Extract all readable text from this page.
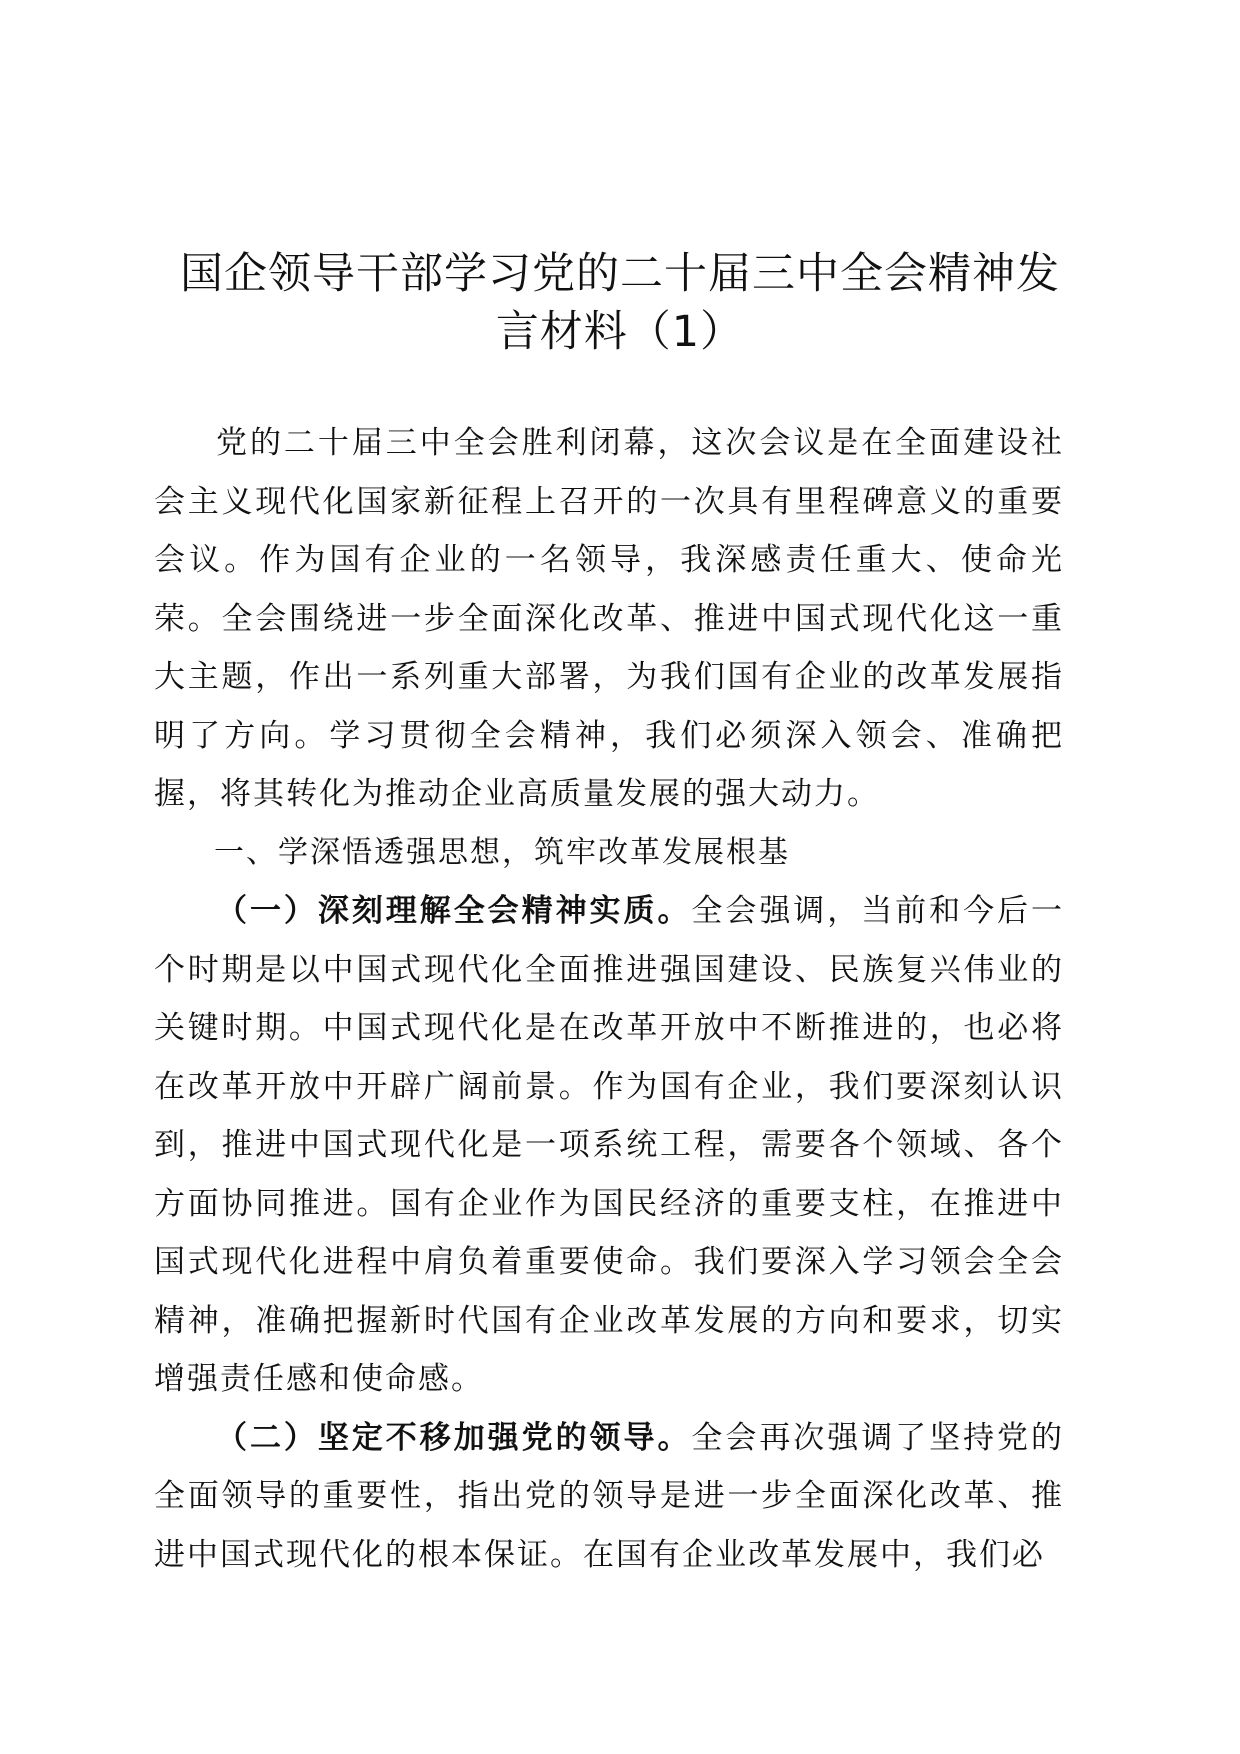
国企领导干部学习党的二十届三中全会精神发
言材料（1）

党的二十届三中全会胜利闭幕，这次会议是在全面建设社会主义现代化国家新征程上召开的一次具有里程碑意义的重要会议。作为国有企业的一名领导，我深感责任重大、使命光荣。全会围绕进一步全面深化改革、推进中国式现代化这一重大主题，作出一系列重大部署，为我们国有企业的改革发展指明了方向。学习贯彻全会精神，我们必须深入领会、准确把握，将其转化为推动企业高质量发展的强大动力。

一、学深悟透强思想，筑牢改革发展根基

（一）深刻理解全会精神实质。全会强调，当前和今后一个时期是以中国式现代化全面推进强国建设、民族复兴伟业的关键时期。中国式现代化是在改革开放中不断推进的，也必将在改革开放中开辟广阔前景。作为国有企业，我们要深刻认识到，推进中国式现代化是一项系统工程，需要各个领域、各个方面协同推进。国有企业作为国民经济的重要支柱，在推进中国式现代化进程中肩负着重要使命。我们要深入学习领会全会精神，准确把握新时代国有企业改革发展的方向和要求，切实增强责任感和使命感。

（二）坚定不移加强党的领导。全会再次强调了坚持党的全面领导的重要性，指出党的领导是进一步全面深化改革、推进中国式现代化的根本保证。在国有企业改革发展中，我们必
